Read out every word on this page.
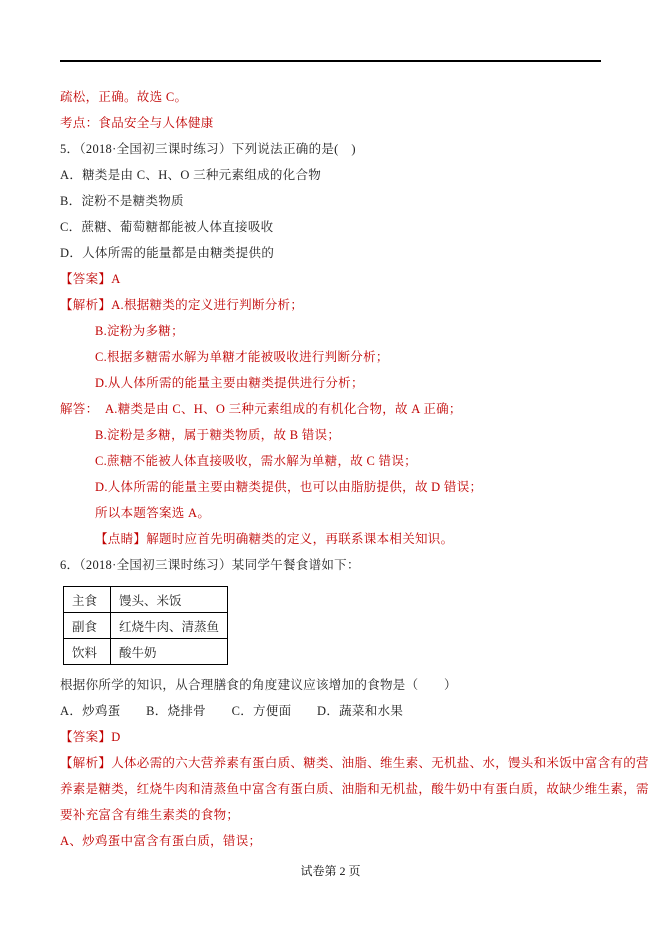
疏松，正确。故选 C。
考点：食品安全与人体健康
5．（2018·全国初三课时练习）下列说法正确的是(　)
A．糖类是由 C、H、O 三种元素组成的化合物
B．淀粉不是糖类物质
C．蔗糖、葡萄糖都能被人体直接吸收
D．人体所需的能量都是由糖类提供的
【答案】A
【解析】A.根据糖类的定义进行判断分析；
B.淀粉为多糖；
C.根据多糖需水解为单糖才能被吸收进行判断分析；
D.从人体所需的能量主要由糖类提供进行分析；
解答：　A.糖类是由 C、H、O 三种元素组成的有机化合物，故 A 正确；
B.淀粉是多糖，属于糖类物质，故 B 错误；
C.蔗糖不能被人体直接吸收，需水解为单糖，故 C 错误；
D.人体所需的能量主要由糖类提供，也可以由脂肪提供，故 D 错误；
所以本题答案选 A。
【点睛】解题时应首先明确糖类的定义，再联系课本相关知识。
6．（2018·全国初三课时练习）某同学午餐食谱如下：
主食	馒头、米饭
副食	红烧牛肉、清蒸鱼
饮料	酸牛奶
根据你所学的知识，从合理膳食的角度建议应该增加的食物是（　　）
A．炒鸡蛋　　B．烧排骨　　C．方便面　　D．蔬菜和水果
【答案】D
【解析】人体必需的六大营养素有蛋白质、糖类、油脂、维生素、无机盐、水，馒头和米饭中富含有的营
养素是糖类，红烧牛肉和清蒸鱼中富含有蛋白质、油脂和无机盐，酸牛奶中有蛋白质，故缺少维生素，需
要补充富含有维生素类的食物；
A、炒鸡蛋中富含有蛋白质，错误；
试卷第 2 页
